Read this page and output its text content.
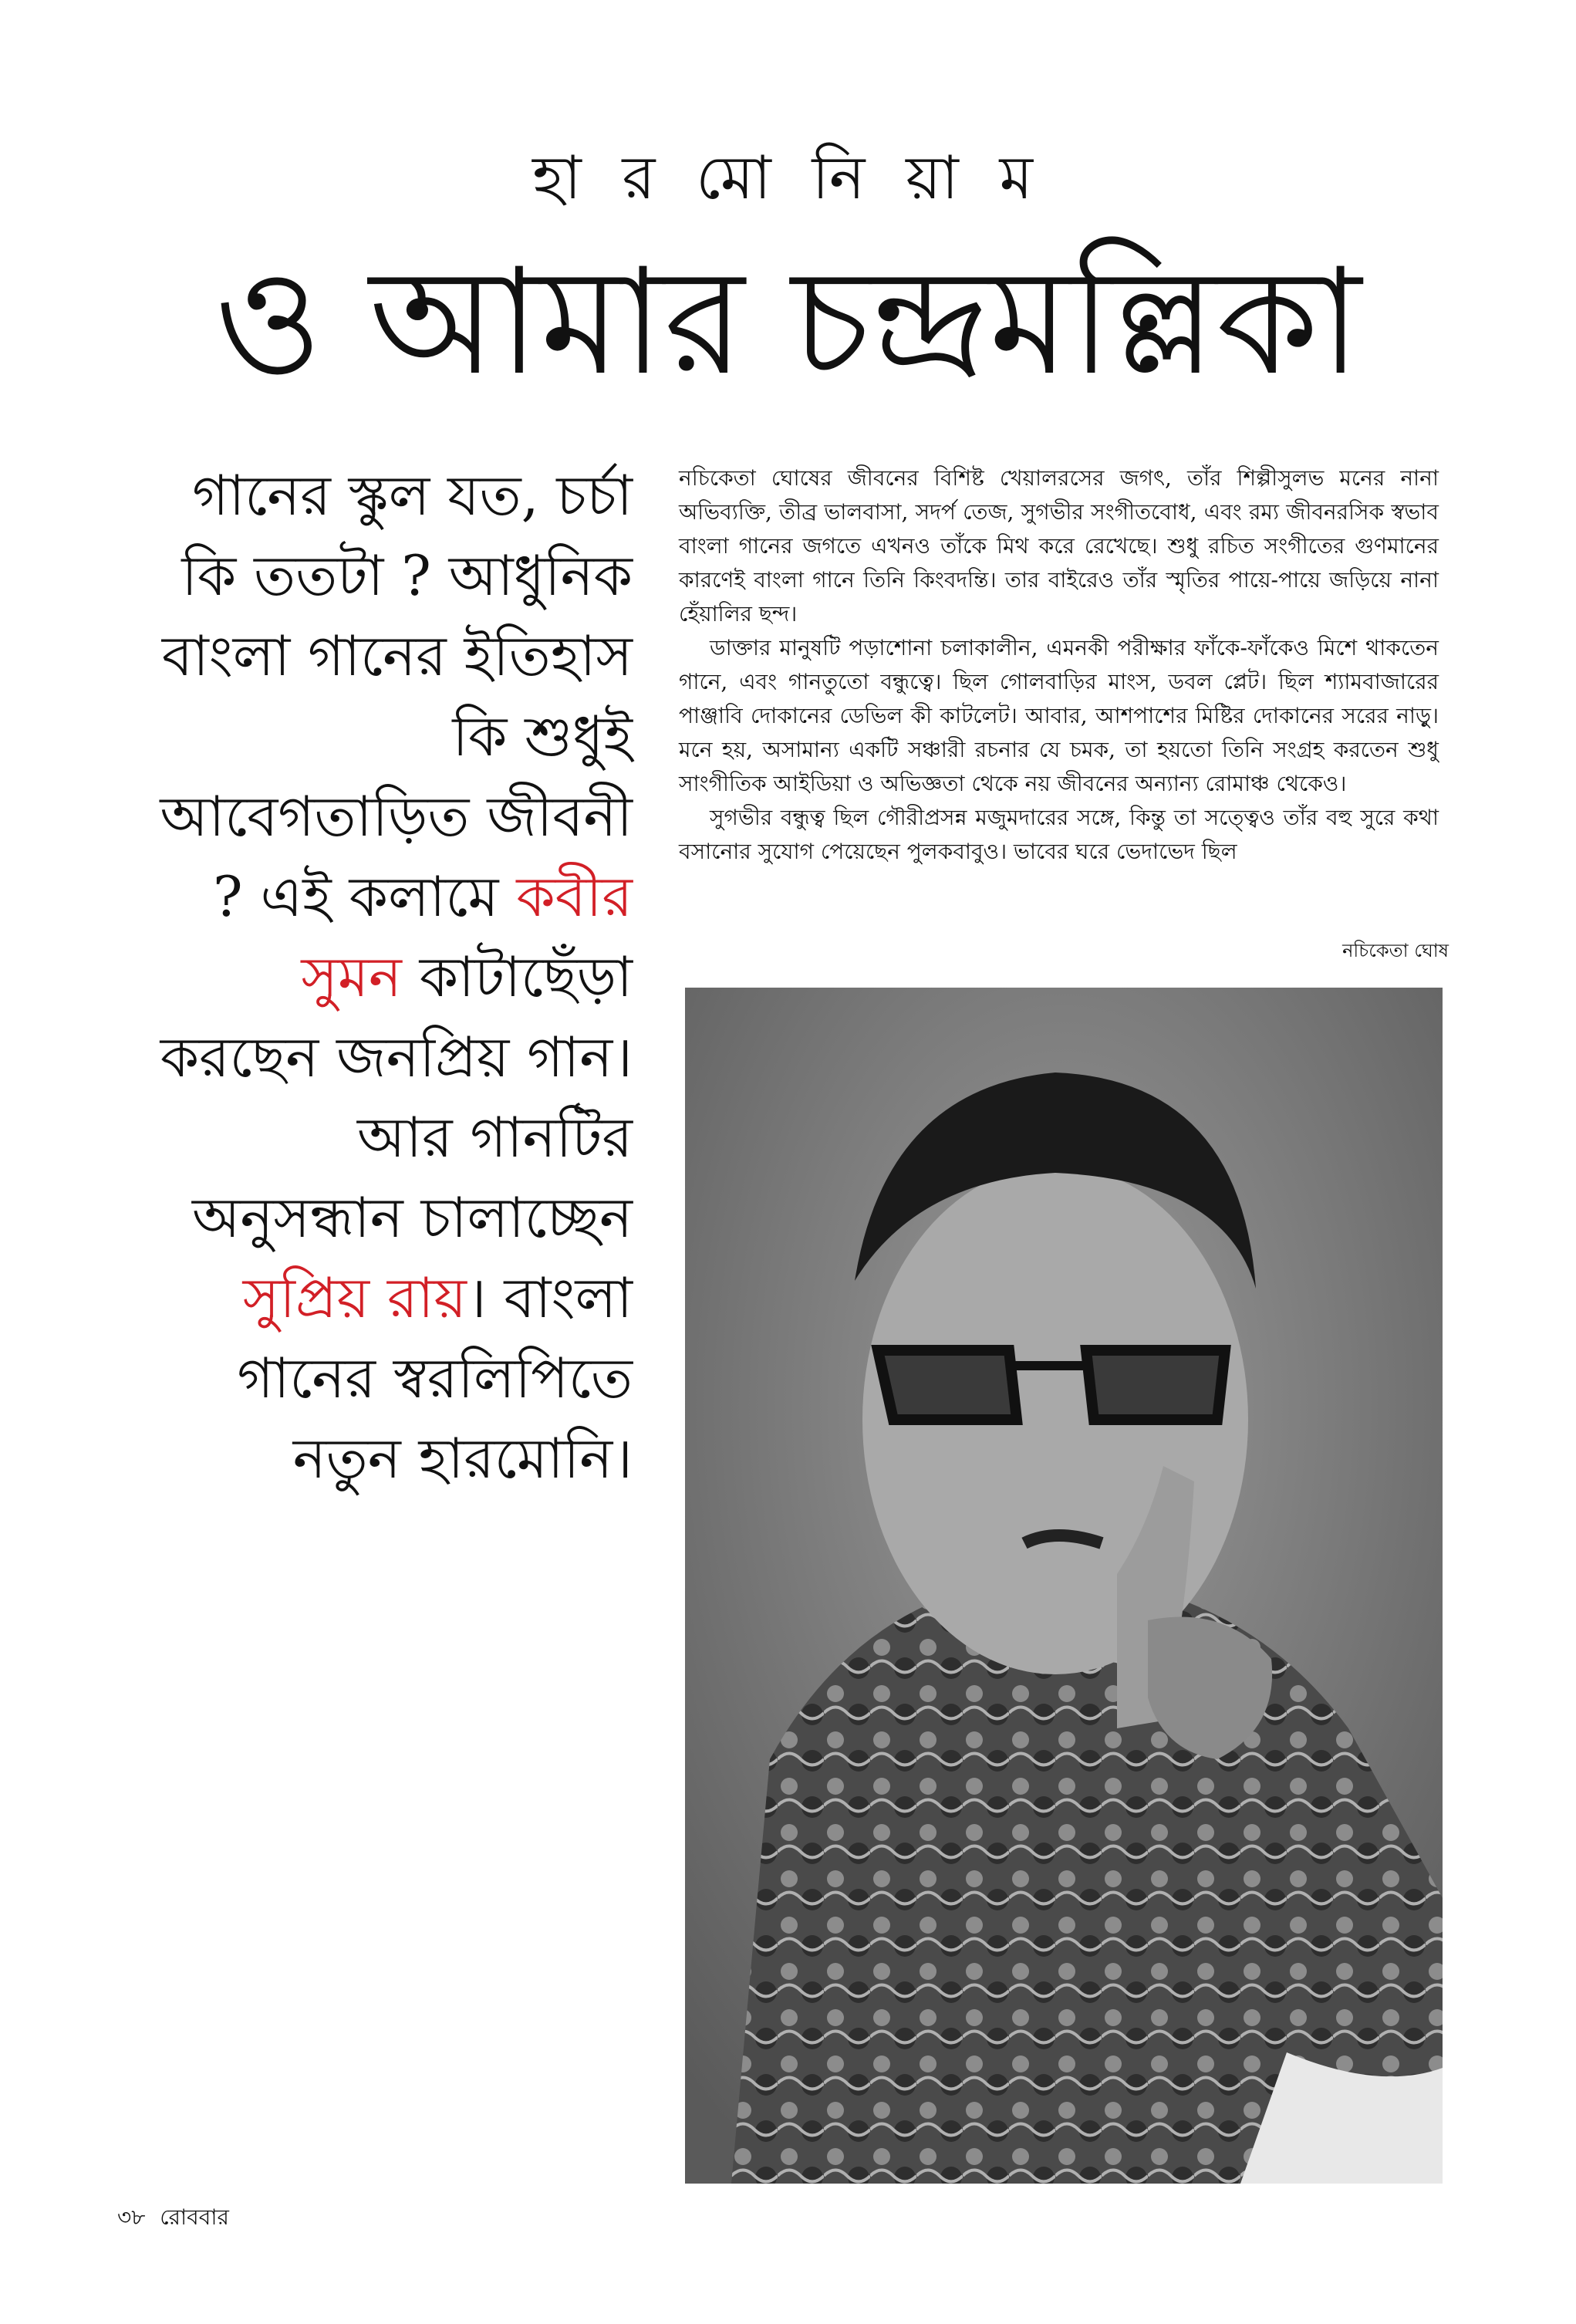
হা র মো নি য়া ম
ও আমার চন্দ্রমল্লিকা

গানের স্কুল যত, চর্চা কি ততটা ? আধুনিক বাংলা গানের ইতিহাস কি শুধুই আবেগতাড়িত জীবনী ? এই কলামে কবীর সুমন কাটাছেঁড়া করছেন জনপ্রিয় গান। আর গানটির অনুসন্ধান চালাচ্ছেন সুপ্রিয় রায়। বাংলা গানের স্বরলিপিতে নতুন হারমোনি।

নচিকেতা ঘোষের জীবনের বিশিষ্ট খেয়ালরসের জগৎ, তাঁর শিল্পীসুলভ মনের নানা অভিব্যক্তি, তীব্র ভালবাসা, সদর্প তেজ, সুগভীর সংগীতবোধ, এবং রম্য জীবনরসিক স্বভাব বাংলা গানের জগতে এখনও তাঁকে মিথ করে রেখেছে। শুধু রচিত সংগীতের গুণমানের কারণেই বাংলা গানে তিনি কিংবদন্তি। তার বাইরেও তাঁর স্মৃতির পায়ে-পায়ে জড়িয়ে নানা হেঁয়ালির ছন্দ।

ডাক্তার মানুষটি পড়াশোনা চলাকালীন, এমনকী পরীক্ষার ফাঁকে-ফাঁকেও মিশে থাকতেন গানে, এবং গানতুতো বন্ধুত্বে। ছিল গোলবাড়ির মাংস, ডবল প্লেট। ছিল শ্যামবাজারের পাঞ্জাবি দোকানের ডেভিল কী কাটলেট। আবার, আশপাশের মিষ্টির দোকানের সরের নাড়ু। মনে হয়, অসামান্য একটি সঞ্চারী রচনার যে চমক, তা হয়তো তিনি সংগ্রহ করতেন শুধু সাংগীতিক আইডিয়া ও অভিজ্ঞতা থেকে নয় জীবনের অন্যান্য রোমাঞ্চ থেকেও।

সুগভীর বন্ধুত্ব ছিল গৌরীপ্রসন্ন মজুমদারের সঙ্গে, কিন্তু তা সত্ত্বেও তাঁর বহু সুরে কথা বসানোর সুযোগ পেয়েছেন পুলকবাবুও। ভাবের ঘরে ভেদাভেদ ছিল

নচিকেতা ঘোষ
৩৮ রোববার
